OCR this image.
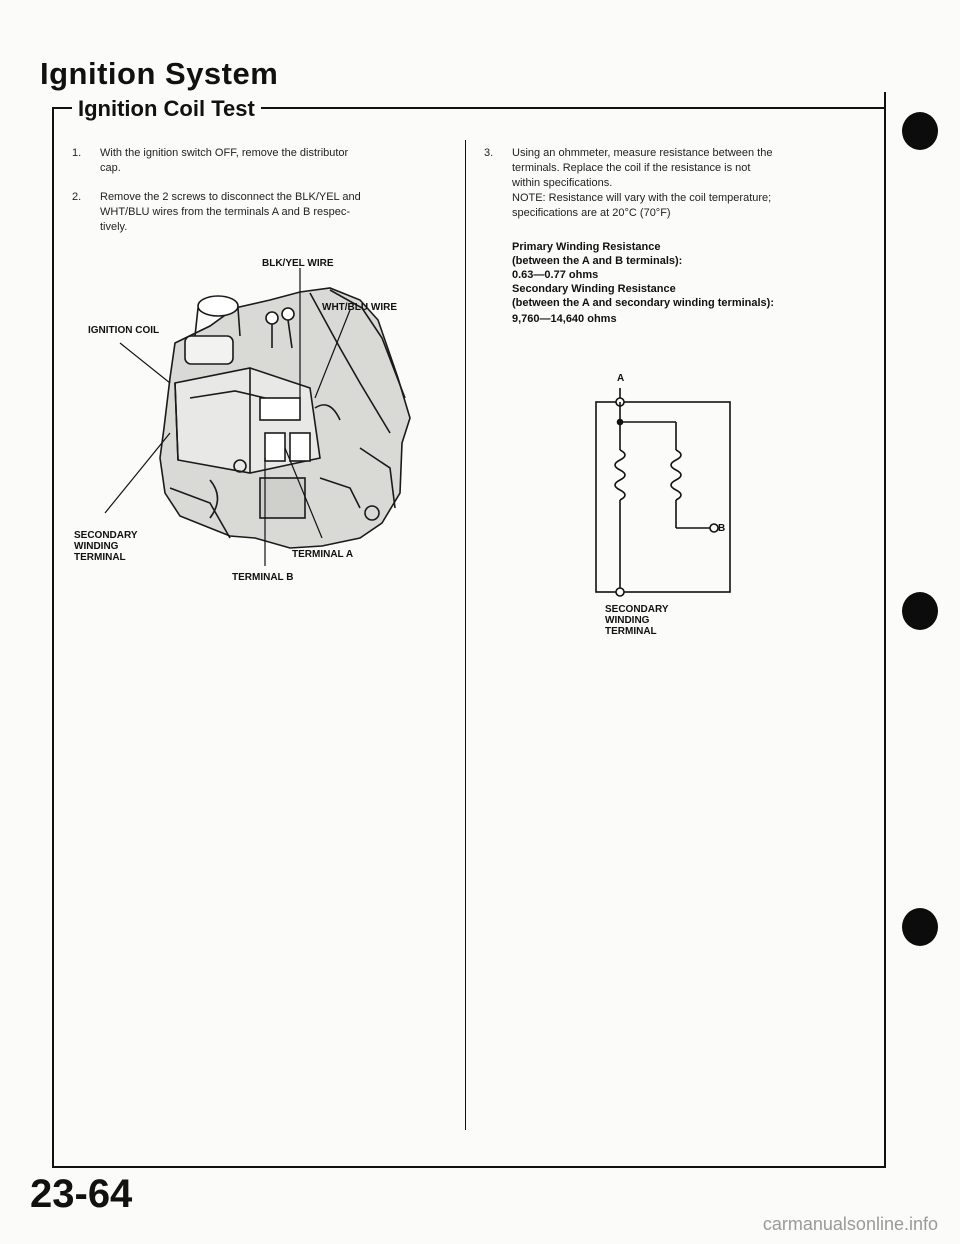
Ignition System
Ignition Coil Test
1. With the ignition switch OFF, remove the distributor
cap.
2. Remove the 2 screws to disconnect the BLK/YEL and
WHT/BLU wires from the terminals A and B respec-
tively.
BLK/YEL WIRE
WHT/BLU WIRE
IGNITION COIL
SECONDARY
WINDING
TERMINAL	TERMINAL A
TERMINAL B
3. Using an ohmmeter, measure resistance between the
terminals. Replace the coil if the resistance is not
within specifications.
NOTE: Resistance will vary with the coil temperature;
specifications are at 20°C (70°F)
Primary Winding Resistance
(between the A and B terminals):
0.63—0.77 ohms
Secondary Winding Resistance
(between the A and secondary winding terminals):
9,760—14,640 ohms
A
B
SECONDARY
WINDING
TERMINAL
23-64
carmanualsonline.info
